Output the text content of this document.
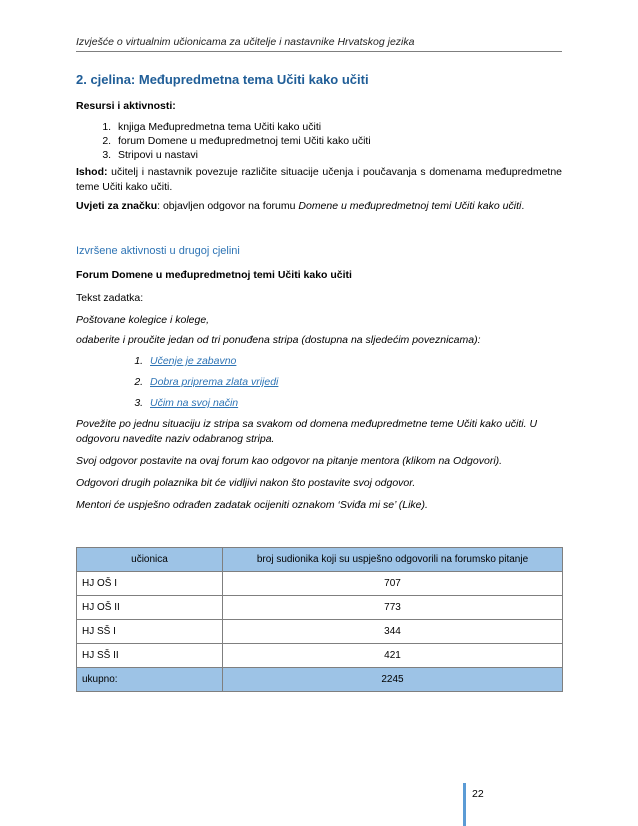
Izvješće o virtualnim učionicama za učitelje i nastavnike Hrvatskog jezika
2. cjelina: Međupredmetna tema Učiti kako učiti

Resursi i aktivnosti:

1. knjiga Međupredmetna tema Učiti kako učiti
2. forum Domene u međupredmetnoj temi Učiti kako učiti
3. Stripovi u nastavi

Ishod: učitelj i nastavnik povezuje različite situacije učenja i poučavanja s domenama međupredmetne teme Učiti kako učiti.

Uvjeti za značku: objavljen odgovor na forumu Domene u međupredmetnoj temi Učiti kako učiti.

Izvršene aktivnosti u drugoj cjelini

Forum Domene u međupredmetnoj temi Učiti kako učiti

Tekst zadatka:

Poštovane kolegice i kolege,

odaberite i proučite jedan od tri ponuđena stripa (dostupna na sljedećim poveznicama):

1. Učenje je zabavno
2. Dobra priprema zlata vrijedi
3. Učim na svoj način

Povežite po jednu situaciju iz stripa sa svakom od domena međupredmetne teme Učiti kako učiti. U odgovoru navedite naziv odabranog stripa.

Svoj odgovor postavite na ovaj forum kao odgovor na pitanje mentora (klikom na Odgovori).

Odgovori drugih polaznika bit će vidljivi nakon što postavite svoj odgovor.

Mentori će uspješno odrađen zadatak ocijeniti oznakom ‘Sviđa mi se’ (Like).

učionica	broj sudionika koji su uspješno odgovorili na forumsko pitanje
HJ OŠ I	707
HJ OŠ II	773
HJ SŠ I	344
HJ SŠ II	421
ukupno:	2245
22
